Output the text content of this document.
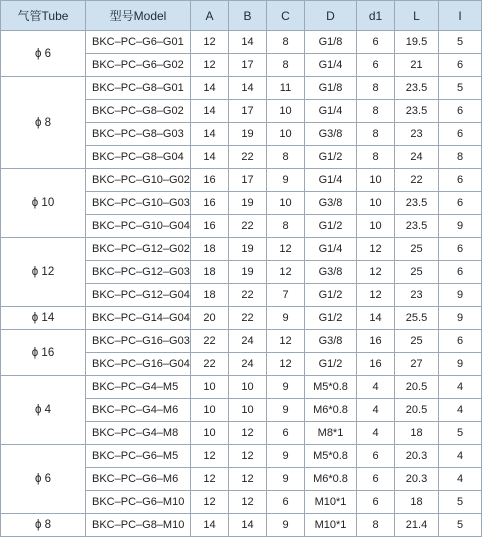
气管Tube	型号Model	A	B	C	D	d1	L	I
ϕ 6	BKC–PC–G6–G01	12	14	8	G1/8	6	19.5	5
	BKC–PC–G6–G02	12	17	8	G1/4	6	21	6
ϕ 8	BKC–PC–G8–G01	14	14	11	G1/8	8	23.5	5
	BKC–PC–G8–G02	14	17	10	G1/4	8	23.5	6
	BKC–PC–G8–G03	14	19	10	G3/8	8	23	6
	BKC–PC–G8–G04	14	22	8	G1/2	8	24	8
ϕ 10	BKC–PC–G10–G02	16	17	9	G1/4	10	22	6
	BKC–PC–G10–G03	16	19	10	G3/8	10	23.5	6
	BKC–PC–G10–G04	16	22	8	G1/2	10	23.5	9
ϕ 12	BKC–PC–G12–G02	18	19	12	G1/4	12	25	6
	BKC–PC–G12–G03	18	19	12	G3/8	12	25	6
	BKC–PC–G12–G04	18	22	7	G1/2	12	23	9
ϕ 14	BKC–PC–G14–G04	20	22	9	G1/2	14	25.5	9
ϕ 16	BKC–PC–G16–G03	22	24	12	G3/8	16	25	6
	BKC–PC–G16–G04	22	24	12	G1/2	16	27	9
ϕ 4	BKC–PC–G4–M5	10	10	9	M5*0.8	4	20.5	4
	BKC–PC–G4–M6	10	10	9	M6*0.8	4	20.5	4
	BKC–PC–G4–M8	10	12	6	M8*1	4	18	5
ϕ 6	BKC–PC–G6–M5	12	12	9	M5*0.8	6	20.3	4
	BKC–PC–G6–M6	12	12	9	M6*0.8	6	20.3	4
	BKC–PC–G6–M10	12	12	6	M10*1	6	18	5
ϕ 8	BKC–PC–G8–M10	14	14	9	M10*1	8	21.4	5
